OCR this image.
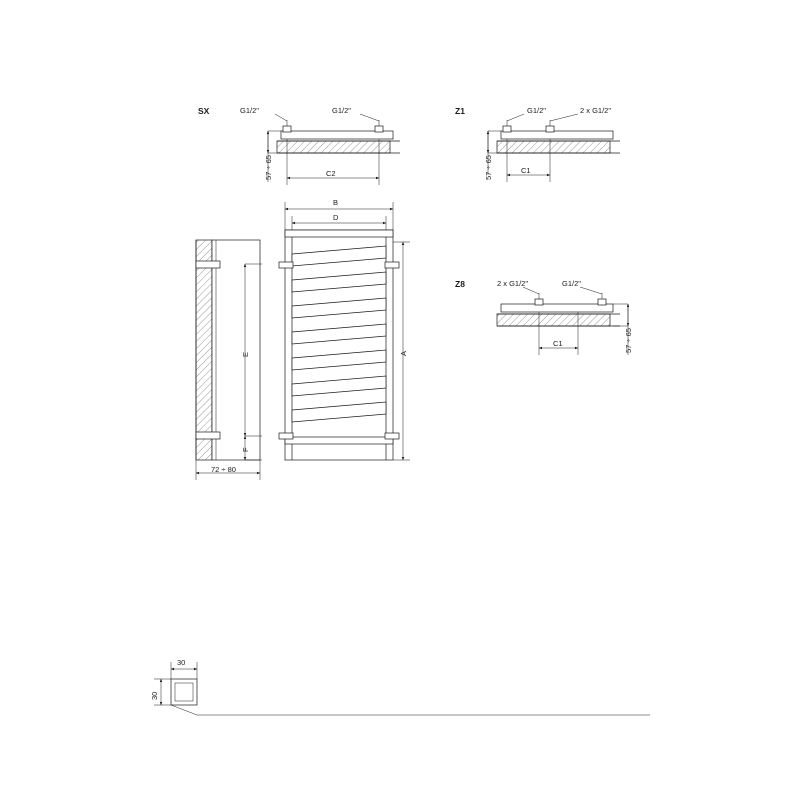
SX	G1/2"	G1/2"
57 ÷ 65	C2
Z1	G1/2"	2 x G1/2"
57 ÷ 65	C1
Z8	2 x G1/2"	G1/2"
57 ÷ 65
C1
E
F
72 ÷ 80
B
D
A
30
30
